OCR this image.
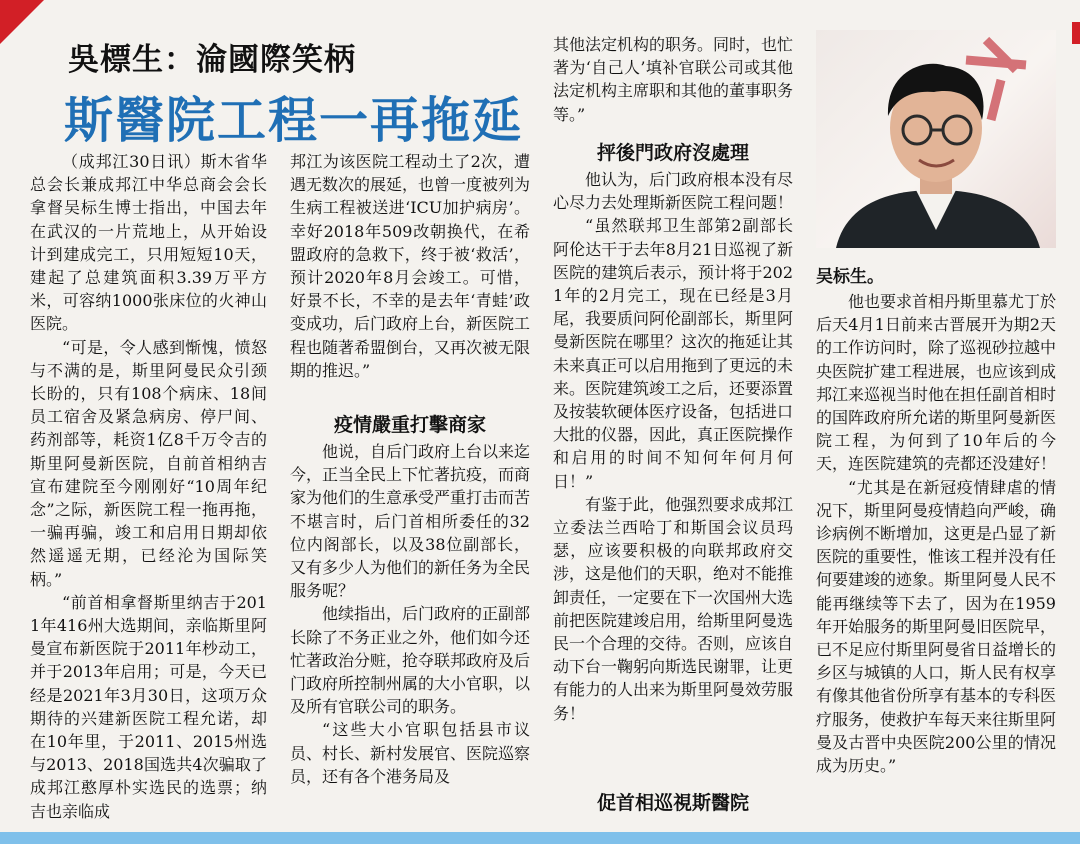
吳標生：淪國際笑柄
斯醫院工程一再拖延

（成邦江30日讯）斯木省华总会长兼成邦江中华总商会会长拿督吴标生博士指出，中国去年在武汉的一片荒地上，从开始设计到建成完工，只用短短10天，建起了总建筑面积3.39万平方米，可容纳1000张床位的火神山医院。

“可是，令人感到惭愧，愤怒与不满的是，斯里阿曼民众引颈长盼的，只有108个病床、18间员工宿舍及紧急病房、停尸间、药剂部等，耗资1亿8千万令吉的斯里阿曼新医院，自前首相纳吉宣布建院至今刚刚好“10周年纪念”之际，新医院工程一拖再拖，一骗再骗，竣工和启用日期却依然遥遥无期，已经沦为国际笑柄。”

“前首相拿督斯里纳吉于2011年416州大选期间，亲临斯里阿曼宣布新医院于2011年杪动工，并于2013年启用；可是，今天已经是2021年3月30日，这项万众期待的兴建新医院工程允诺，却在10年里，于2011、2015州选与2013、2018国选共4次骗取了成邦江憨厚朴实选民的选票；纳吉也亲临成

邦江为该医院工程动土了2次，遭遇无数次的展延，也曾一度被列为生病工程被送进‘ICU加护病房’。幸好2018年509改朝换代，在希盟政府的急救下，终于被‘救活’，预计2020年8月会竣工。可惜，好景不长，不幸的是去年‘青蛙’政变成功，后门政府上台，新医院工程也随著希盟倒台，又再次被无限期的推迟。”

疫情嚴重打擊商家

他说，自后门政府上台以来迄今，正当全民上下忙著抗疫，而商家为他们的生意承受严重打击而苦不堪言时，后门首相所委任的32位内阁部长，以及38位副部长，又有多少人为他们的新任务为全民服务呢？

他续指出，后门政府的正副部长除了不务正业之外，他们如今还忙著政治分赃，抢夺联邦政府及后门政府所控制州属的大小官职，以及所有官联公司的职务。

“这些大小官职包括县市议员、村长、新村发展官、医院巡察员，还有各个港务局及

其他法定机构的职务。同时，也忙著为‘自己人’填补官联公司或其他法定机构主席职和其他的董事职务等。”

抨後門政府沒處理

他认为，后门政府根本没有尽心尽力去处理斯新医院工程问题！

“虽然联邦卫生部第2副部长阿伦达干于去年8月21日巡视了新医院的建筑后表示，预计将于2021年的2月完工，现在已经是3月尾，我要质问阿伦副部长，斯里阿曼新医院在哪里？这次的拖延让其未来真正可以启用拖到了更远的未来。医院建筑竣工之后，还要添置及按装软硬体医疗设备，包括进口大批的仪器，因此，真正医院操作和启用的时间不知何年何月何日！”

有鉴于此，他强烈要求成邦江立委法兰西哈丁和斯国会议员玛瑟，应该要积极的向联邦政府交涉，这是他们的天职，绝对不能推卸责任，一定要在下一次国州大选前把医院建竣启用，给斯里阿曼选民一个合理的交待。否则，应该自动下台一鞠躬向斯选民谢罪，让更有能力的人出来为斯里阿曼效劳服务！

促首相巡視斯醫院
吴标生。

他也要求首相丹斯里慕尤丁於后天4月1日前来古晋展开为期2天的工作访问时，除了巡视砂拉越中央医院扩建工程进展，也应该到成邦江来巡视当时他在担任副首相时的国阵政府所允诺的斯里阿曼新医院工程，为何到了10年后的今天，连医院建筑的壳都还没建好！

“尤其是在新冠疫情肆虐的情况下，斯里阿曼疫情趋向严峻，确诊病例不断增加，这更是凸显了新医院的重要性，惟该工程并没有任何要建竣的迹象。斯里阿曼人民不能再继续等下去了，因为在1959年开始服务的斯里阿曼旧医院早，已不足应付斯里阿曼省日益增长的乡区与城镇的人口，斯人民有权享有像其他省份所享有基本的专科医疗服务，使救护车每天来往斯里阿曼及古晋中央医院200公里的情况成为历史。”
